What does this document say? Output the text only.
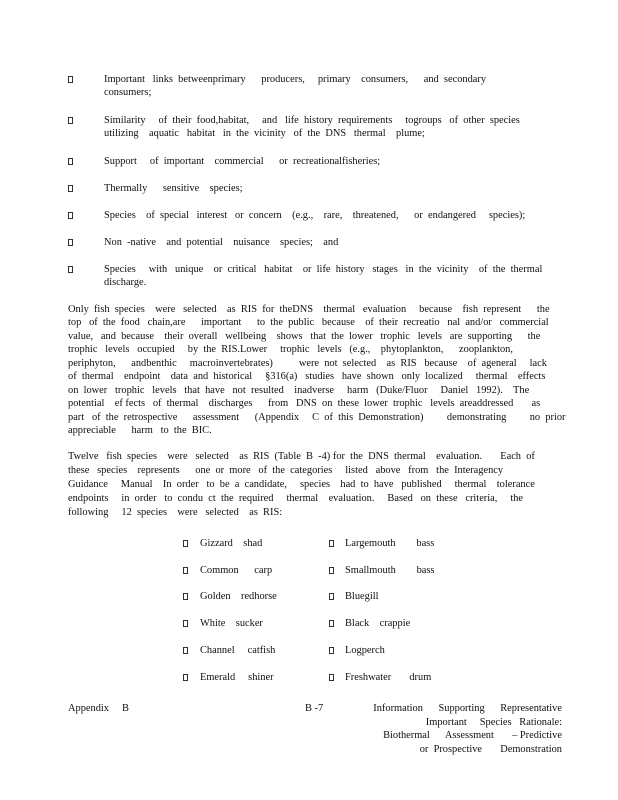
Important   links  betweenprimary      producers,     primary    consumers,      and  secondary
consumers;
Similarity     of  their  food,habitat,     and   life  history  requirements     togroups   of  other  species
utilizing    aquatic   habitat   in  the  vicinity   of  the  DNS   thermal    plume;
Support     of  important    commercial      or  recreationalfisheries;
Thermally      sensitive    species;
Species    of  special   interest   or  concern    (e.g.,    rare,    threatened,      or  endangered     species);
Non  -native    and  potential    nuisance    species;    and
Species     with   unique    or  critical   habitat    or  life  history   stages   in  the  vicinity    of  the  thermal
discharge.
Only  fish  species    were   selected    as  RIS  for  theDNS    thermal   evaluation     because    fish  represent      the
top   of  the  food   chain,are      important      to  the  public   because    of  their  recreatio   nal  and/or   commercial
value,   and  because    their  overall   wellbeing    shows   that  the  lower   trophic   levels   are  supporting      the
trophic   levels   occupied     by  the  RIS.Lower     trophic   levels   (e.g.,    phytoplankton,      zooplankton,
periphyton,      andbenthic     macroinvertebrates)          were  not  selected    as  RIS   because    of  ageneral     lack
of  thermal    endpoint    data  and  historical     §316(a)   studies   have  shown   only  localized     thermal    effects
on  lower   trophic   levels   that  have   not  resulted    inadverse     harm   (Duke/Fluor     Daniel   1992).    The
potential    ef fects   of  thermal    discharges      from   DNS  on  these  lower  trophic   levels  areaddressed       as
part   of  the  retrospective      assessment      (Appendix     C  of  this  Demonstration)         demonstrating         no  prior
appreciable      harm   to  the  BIC.
Twelve   fish  species    were   selected    as  RIS  (Table  B  -4) for  the  DNS  thermal    evaluation.       Each  of
these   species    represents      one  or  more   of  the  categories     listed   above   from   the  Interagency
Guidance     Manual    In  order   to  be  a  candidate,     species    had  to  have   published     thermal    tolerance
endpoints     in  order   to  condu  ct  the  required     thermal    evaluation.     Based   on  these   criteria,     the
following     12  species    were   selected    as  RIS:
Gizzard    shad
Common      carp
Golden    redhorse
White    sucker
Channel     catfish
Emerald     shiner
Largemouth        bass
Smallmouth        bass
Bluegill
Black    crappie
Logperch
Freshwater       drum
Appendix     B	B -7	Information      Supporting      Representative
Important     Species   Rationale:
Biothermal      Assessment       – Predictive
or  Prospective       Demonstration
